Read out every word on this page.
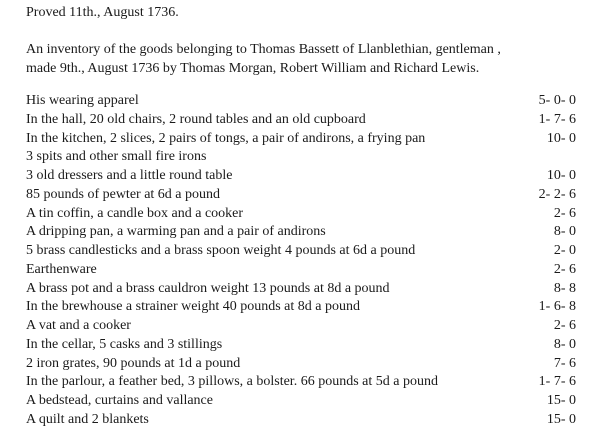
Proved 11th., August 1736.
An inventory of the goods belonging to Thomas Bassett of Llanblethian, gentleman ,
made 9th., August 1736 by Thomas Morgan, Robert William and Richard Lewis.
His wearing apparel	5- 0- 0
In the hall, 20 old chairs, 2 round tables and an old cupboard	1- 7- 6
In the kitchen, 2 slices, 2 pairs of tongs, a pair of andirons, a frying pan	10- 0
3 spits and other small fire irons
3 old dressers and a little round table	10- 0
85 pounds of pewter at 6d a pound	2- 2- 6
A tin coffin, a candle box and a cooker	2- 6
A dripping pan, a warming pan and a pair of andirons	8- 0
5 brass candlesticks and a brass spoon weight 4 pounds at 6d a pound	2- 0
Earthenware	2- 6
A brass pot and a brass cauldron weight 13 pounds at 8d a pound	8- 8
In the brewhouse a strainer weight 40 pounds at 8d a pound	1- 6- 8
A vat and a cooker	2- 6
In the cellar, 5 casks and 3 stillings	8- 0
2 iron grates, 90 pounds at 1d a pound	7- 6
In the parlour, a feather bed, 3 pillows, a bolster. 66 pounds at 5d a pound	1- 7- 6
A bedstead, curtains and vallance	15- 0
A quilt and 2 blankets	15- 0
